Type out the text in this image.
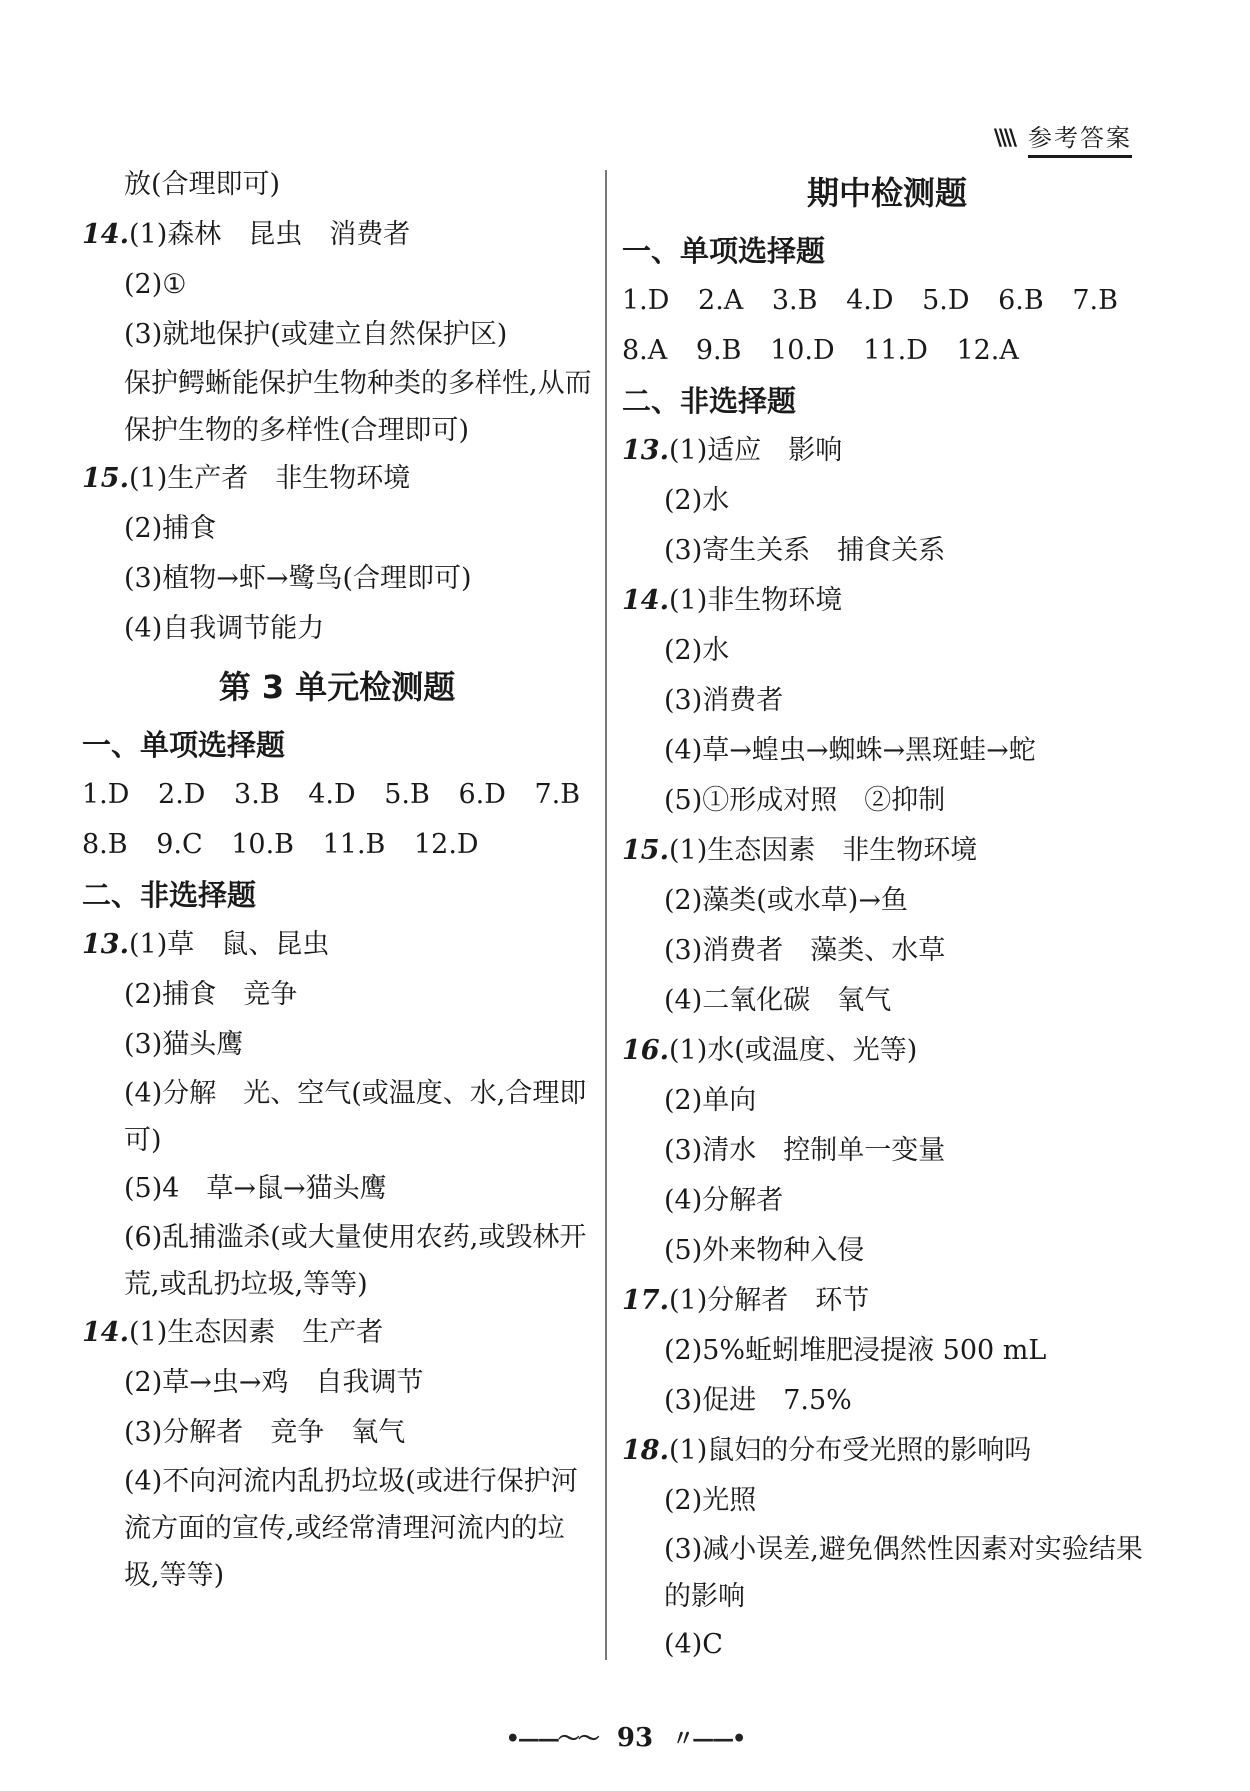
\\\\ 参考答案
放(合理即可)
14.(1)森林　昆虫　消费者
(2)①
(3)就地保护(或建立自然保护区)
保护鳄蜥能保护生物种类的多样性,从而保护生物的多样性(合理即可)
15.(1)生产者　非生物环境
(2)捕食
(3)植物→虾→鹭鸟(合理即可)
(4)自我调节能力
第 3 单元检测题
一、单项选择题
1.D 2.D 3.B 4.D 5.B 6.D 7.B
8.B 9.C 10.B 11.B 12.D
二、非选择题
13.(1)草　鼠、昆虫
(2)捕食　竞争
(3)猫头鹰
(4)分解　光、空气(或温度、水,合理即可)
(5)4　草→鼠→猫头鹰
(6)乱捕滥杀(或大量使用农药,或毁林开荒,或乱扔垃圾,等等)
14.(1)生态因素　生产者
(2)草→虫→鸡　自我调节
(3)分解者　竞争　氧气
(4)不向河流内乱扔垃圾(或进行保护河流方面的宣传,或经常清理河流内的垃圾,等等)
期中检测题
一、单项选择题
1.D 2.A 3.B 4.D 5.D 6.B 7.B
8.A 9.B 10.D 11.D 12.A
二、非选择题
13.(1)适应　影响
(2)水
(3)寄生关系　捕食关系
14.(1)非生物环境
(2)水
(3)消费者
(4)草→蝗虫→蜘蛛→黑斑蛙→蛇
(5)①形成对照　②抑制
15.(1)生态因素　非生物环境
(2)藻类(或水草)→鱼
(3)消费者　藻类、水草
(4)二氧化碳　氧气
16.(1)水(或温度、光等)
(2)单向
(3)清水　控制单一变量
(4)分解者
(5)外来物种入侵
17.(1)分解者　环节
(2)5%蚯蚓堆肥浸提液 500 mL
(3)促进　7.5%
18.(1)鼠妇的分布受光照的影响吗
(2)光照
(3)减小误差,避免偶然性因素对实验结果的影响
(4)C
•——〜〜 93 〃——•
